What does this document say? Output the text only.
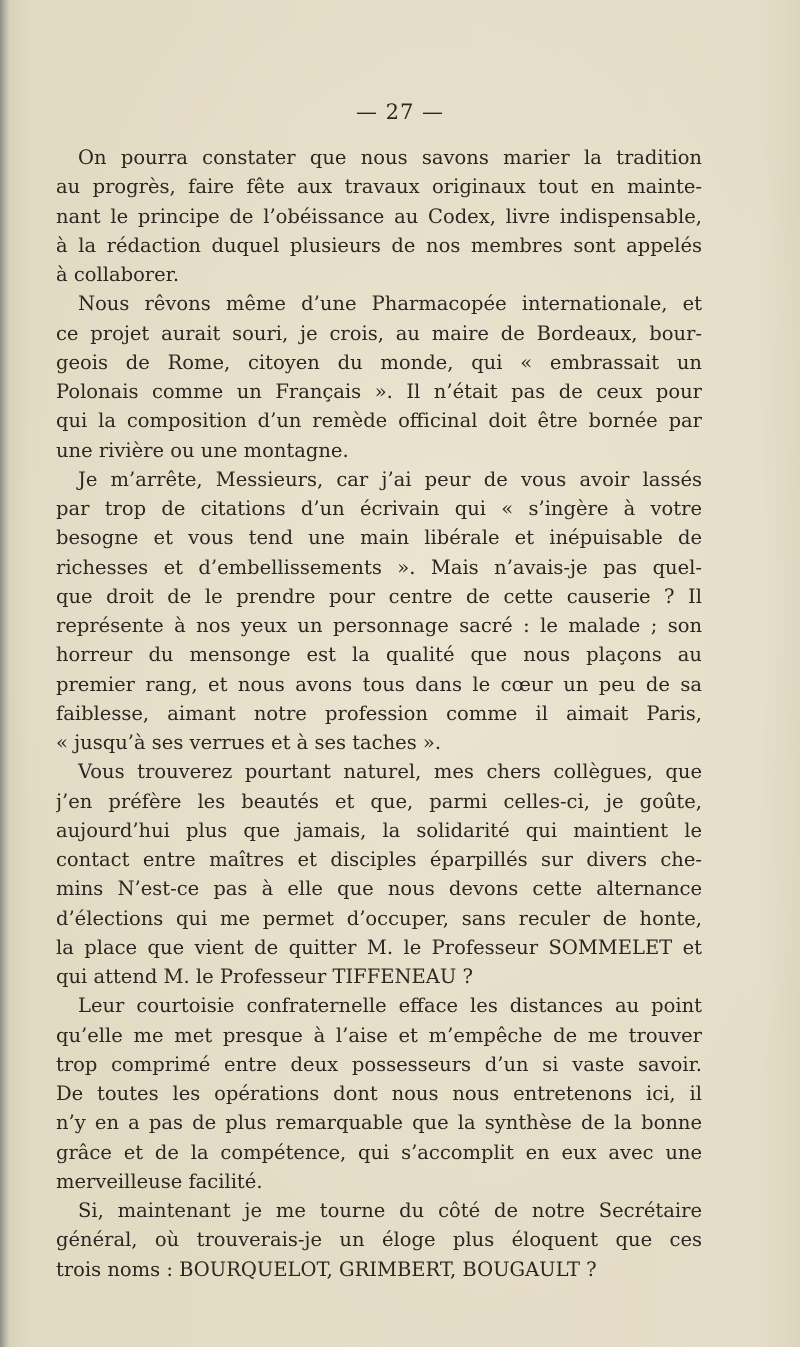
— 27 —
On pourra constater que nous savons marier la tradition
au progrès, faire fête aux travaux originaux tout en mainte-
nant le principe de l’obéissance au Codex, livre indispensable,
à la rédaction duquel plusieurs de nos membres sont appelés
à collaborer.
Nous rêvons même d’une Pharmacopée internationale, et
ce projet aurait souri, je crois, au maire de Bordeaux, bour-
geois de Rome, citoyen du monde, qui « embrassait un
Polonais comme un Français ». Il n’était pas de ceux pour
qui la composition d’un remède officinal doit être bornée par
une rivière ou une montagne.
Je m’arrête, Messieurs, car j’ai peur de vous avoir lassés
par trop de citations d’un écrivain qui « s’ingère à votre
besogne et vous tend une main libérale et inépuisable de
richesses et d’embellissements ». Mais n’avais-je pas quel-
que droit de le prendre pour centre de cette causerie ? Il
représente à nos yeux un personnage sacré : le malade ; son
horreur du mensonge est la qualité que nous plaçons au
premier rang, et nous avons tous dans le cœur un peu de sa
faiblesse, aimant notre profession comme il aimait Paris,
« jusqu’à ses verrues et à ses taches ».
Vous trouverez pourtant naturel, mes chers collègues, que
j’en préfère les beautés et que, parmi celles-ci, je goûte,
aujourd’hui plus que jamais, la solidarité qui maintient le
contact entre maîtres et disciples éparpillés sur divers che-
mins N’est-ce pas à elle que nous devons cette alternance
d’élections qui me permet d’occuper, sans reculer de honte,
la place que vient de quitter M. le Professeur SOMMELET et
qui attend M. le Professeur TIFFENEAU ?
Leur courtoisie confraternelle efface les distances au point
qu’elle me met presque à l’aise et m’empêche de me trouver
trop comprimé entre deux possesseurs d’un si vaste savoir.
De toutes les opérations dont nous nous entretenons ici, il
n’y en a pas de plus remarquable que la synthèse de la bonne
grâce et de la compétence, qui s’accomplit en eux avec une
merveilleuse facilité.
Si, maintenant je me tourne du côté de notre Secrétaire
général, où trouverais-je un éloge plus éloquent que ces
trois noms : BOURQUELOT, GRIMBERT, BOUGAULT ?
